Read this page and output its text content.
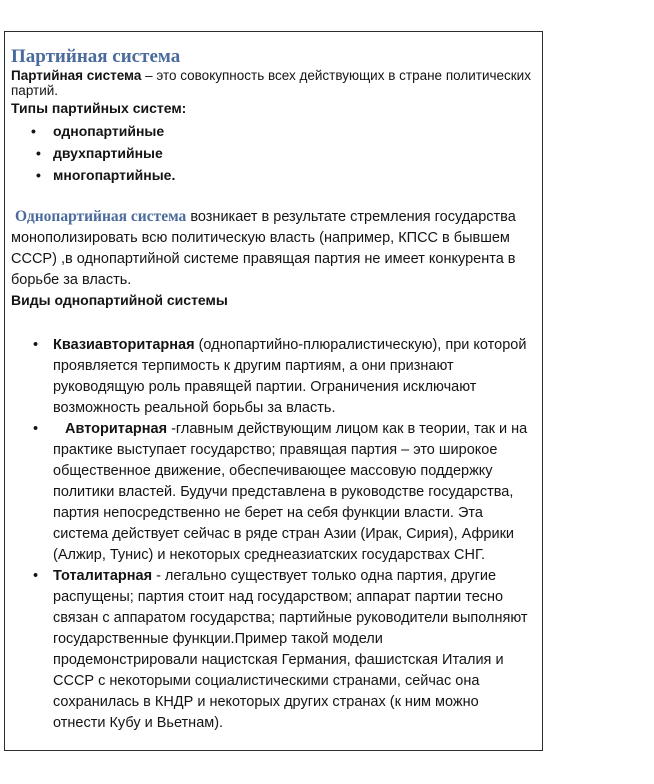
Партийная система

Партийная система – это совокупность всех действующих в стране политических партий.

Типы партийных систем:

• однопартийные
• двухпартийные
• многопартийные.

Однопартийная система возникает в результате стремления государства монополизировать всю политическую власть (например, КПСС в бывшем СССР) ,в однопартийной системе правящая партия не имеет конкурента в борьбе за власть.

Виды однопартийной системы

• Квазиавторитарная (однопартийно-плюралистическую), при которой проявляется терпимость к другим партиям, а они признают руководящую роль правящей партии. Ограничения исключают возможность реальной борьбы за власть.
• Авторитарная -главным действующим лицом как в теории, так и на практике выступает государство; правящая партия – это широкое общественное движение, обеспечивающее массовую поддержку политики властей. Будучи представлена в руководстве государства, партия непосредственно не берет на себя функции власти. Эта система действует сейчас в ряде стран Азии (Ирак, Сирия), Африки (Алжир, Тунис) и некоторых среднеазиатских государствах СНГ.
• Тоталитарная - легально существует только одна партия, другие распущены; партия стоит над государством; аппарат партии тесно связан с аппаратом государства; партийные руководители выполняют государственные функции.Пример такой модели продемонстрировали нацистская Германия, фашистская Италия и СССР с некоторыми социалистическими странами, сейчас она сохранилась в КНДР и некоторых других странах (к ним можно отнести Кубу и Вьетнам).
